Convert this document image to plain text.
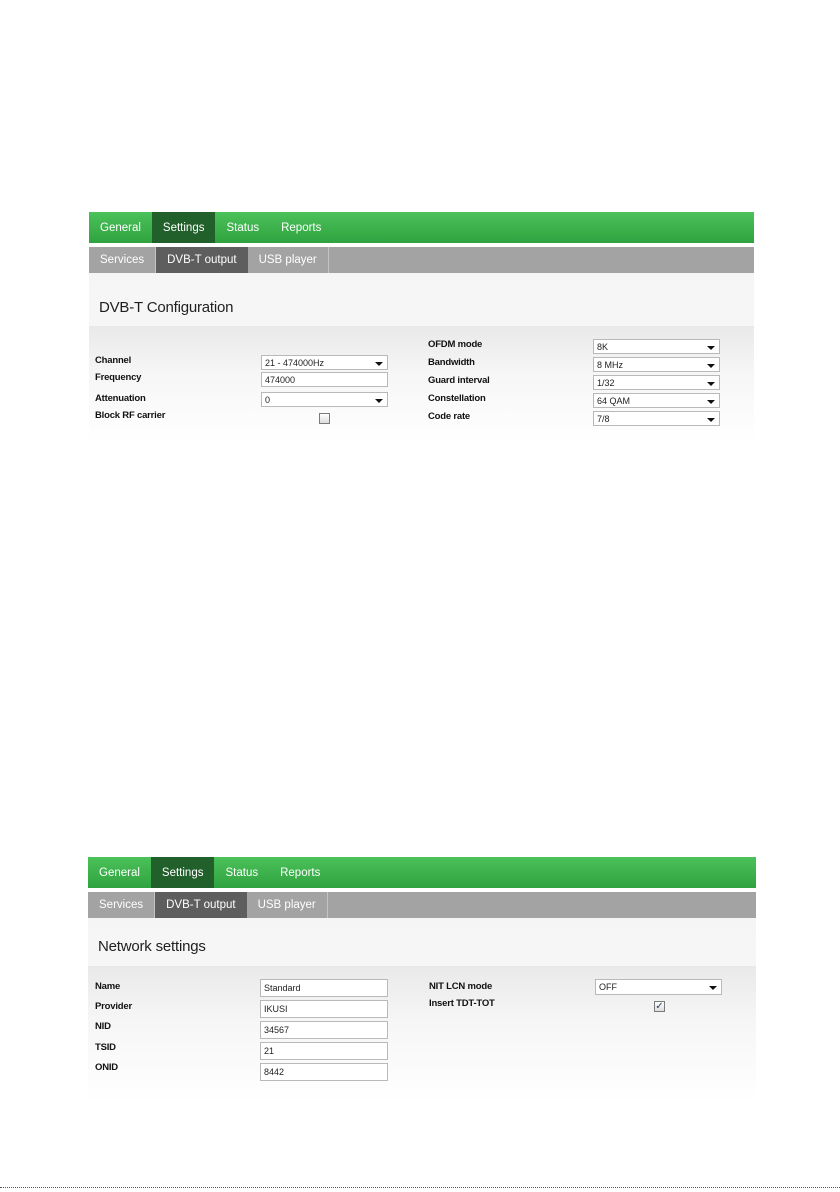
General	Settings	Status	Reports
Services	DVB-T output	USB player
DVB-T Configuration
Channel	21 - 474000Hz
Frequency	474000
Attenuation	0
Block RF carrier
OFDM mode	8K
Bandwidth	8 MHz
Guard interval	1/32
Constellation	64 QAM
Code rate	7/8
General	Settings	Status	Reports
Services	DVB-T output	USB player
Network settings
Name	Standard
Provider	IKUSI
NID	34567
TSID	21
ONID	8442
NIT LCN mode	OFF
Insert TDT-TOT	✓
